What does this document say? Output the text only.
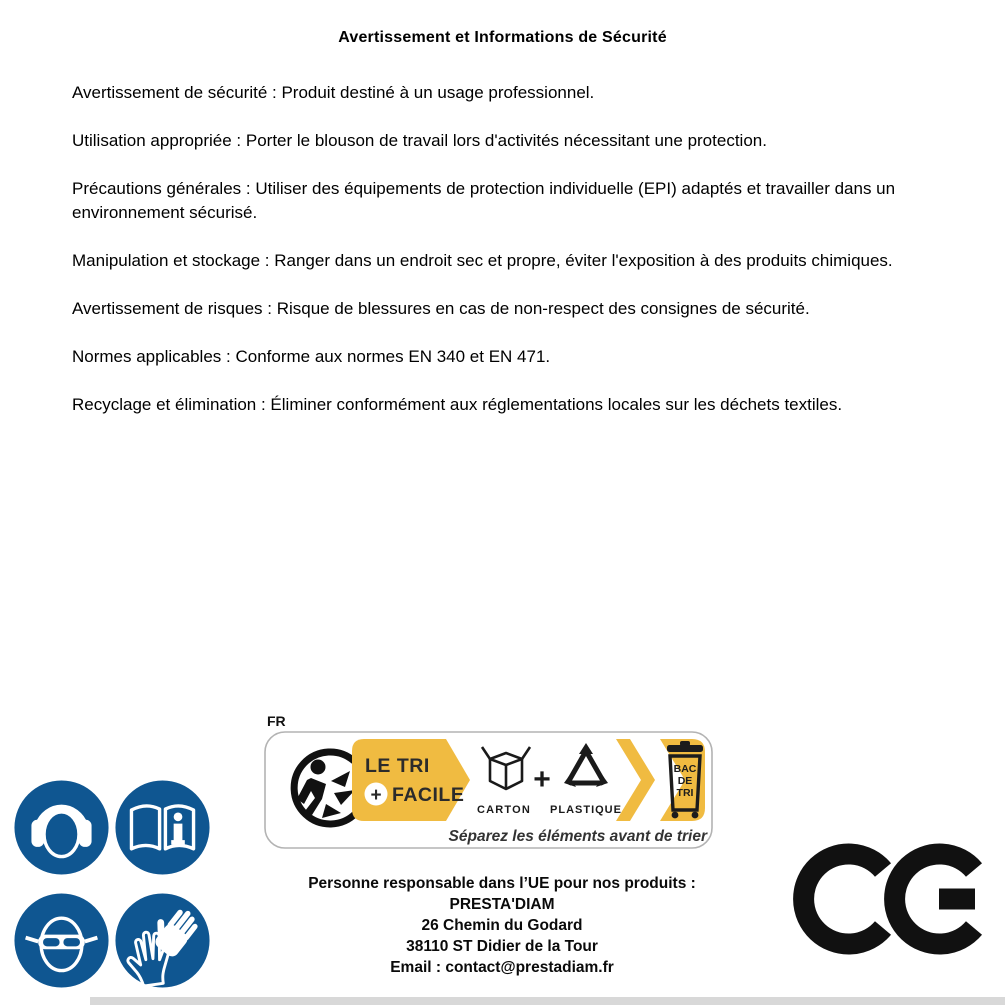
Avertissement et Informations de Sécurité

Avertissement de sécurité : Produit destiné à un usage professionnel.

Utilisation appropriée : Porter le blouson de travail lors d'activités nécessitant une protection.

Précautions générales : Utiliser des équipements de protection individuelle (EPI) adaptés et travailler dans un environnement sécurisé.

Manipulation et stockage : Ranger dans un endroit sec et propre, éviter l'exposition à des produits chimiques.

Avertissement de risques : Risque de blessures en cas de non-respect des consignes de sécurité.

Normes applicables : Conforme aux normes EN 340 et EN 471.

Recyclage et élimination : Éliminer conformément aux réglementations locales sur les déchets textiles.

FR
LE TRI
+ FACILE
CARTON
+
PLASTIQUE
BAC
DE
TRI
Séparez les éléments avant de trier
Personne responsable dans l’UE pour nos produits :
PRESTA'DIAM
26 Chemin du Godard
38110 ST Didier de la Tour
Email : contact@prestadiam.fr
